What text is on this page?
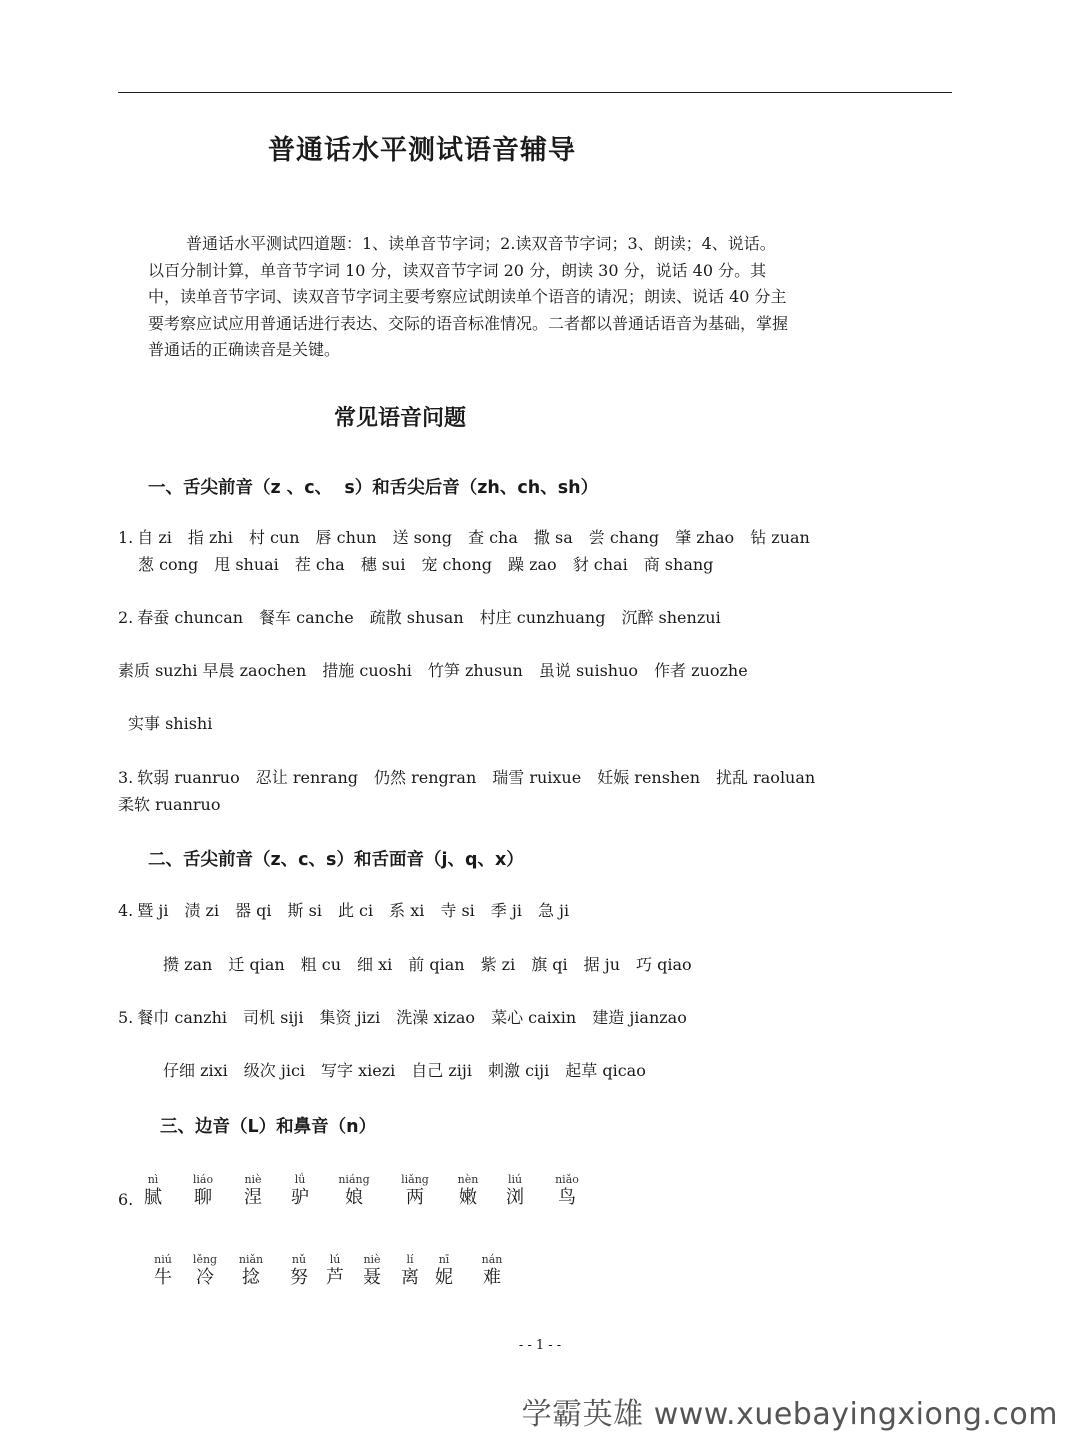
普通话水平测试语音辅导

普通话水平测试四道题：1、读单音节字词；2.读双音节字词；3、朗读；4、说话。以百分制计算，单音节字词 10 分，读双音节字词 20 分，朗读 30 分，说话 40 分。其中，读单音节字词、读双音节字词主要考察应试朗读单个语音的请况；朗读、说话 40 分主要考察应试应用普通话进行表达、交际的语音标准情况。二者都以普通话语音为基础，掌握普通话的正确读音是关键。

常见语音问题
一、舌尖前音（z 、c、  s）和舌尖后音（zh、ch、sh）
1. 自 zi 指 zhi 村 cun 唇 chun 送 song 查 cha 撒 sa 尝 chang 肇 zhao 钻 zuan
葱 cong 甩 shuai 茬 cha 穗 sui 宠 chong 躁 zao 豺 chai 商 shang
2. 春蚕 chuncan 餐车 canche 疏散 shusan 村庄 cunzhuang 沉醉 shenzui
素质 suzhi 早晨 zaochen 措施 cuoshi 竹笋 zhusun 虽说 suishuo 作者 zuozhe
实事 shishi
3. 软弱 ruanruo 忍让 renrang 仍然 rengran 瑞雪 ruixue 妊娠 renshen 扰乱 raoluan
柔软 ruanruo
二、舌尖前音（z、c、s）和舌面音（j、q、x）
4. 暨 ji 渍 zi 器 qi 斯 si 此 ci 系 xi 寺 si 季 ji 急 ji
攒 zan 迁 qian 粗 cu 细 xi 前 qian 紫 zi 旗 qi 据 ju 巧 qiao
5. 餐巾 canzhi 司机 siji 集资 jizi 洗澡 xizao 菜心 caixin 建造 jianzao
仔细 zixi 级次 jici 写字 xiezi 自己 ziji 刺激 ciji 起草 qicao
三、边音（L）和鼻音（n）
6.
nì
腻
liáo
聊
niè
涅
lǘ
驴
niáng
娘
liǎng
两
nèn
嫩
liú
浏
niǎo
鸟
niú
牛
lěng
冷
niǎn
捻
nǔ
努
lú
芦
niè
聂
lí
离
nī
妮
nán
难
- - 1 - -
学霸英雄 www.xuebayingxiong.com
